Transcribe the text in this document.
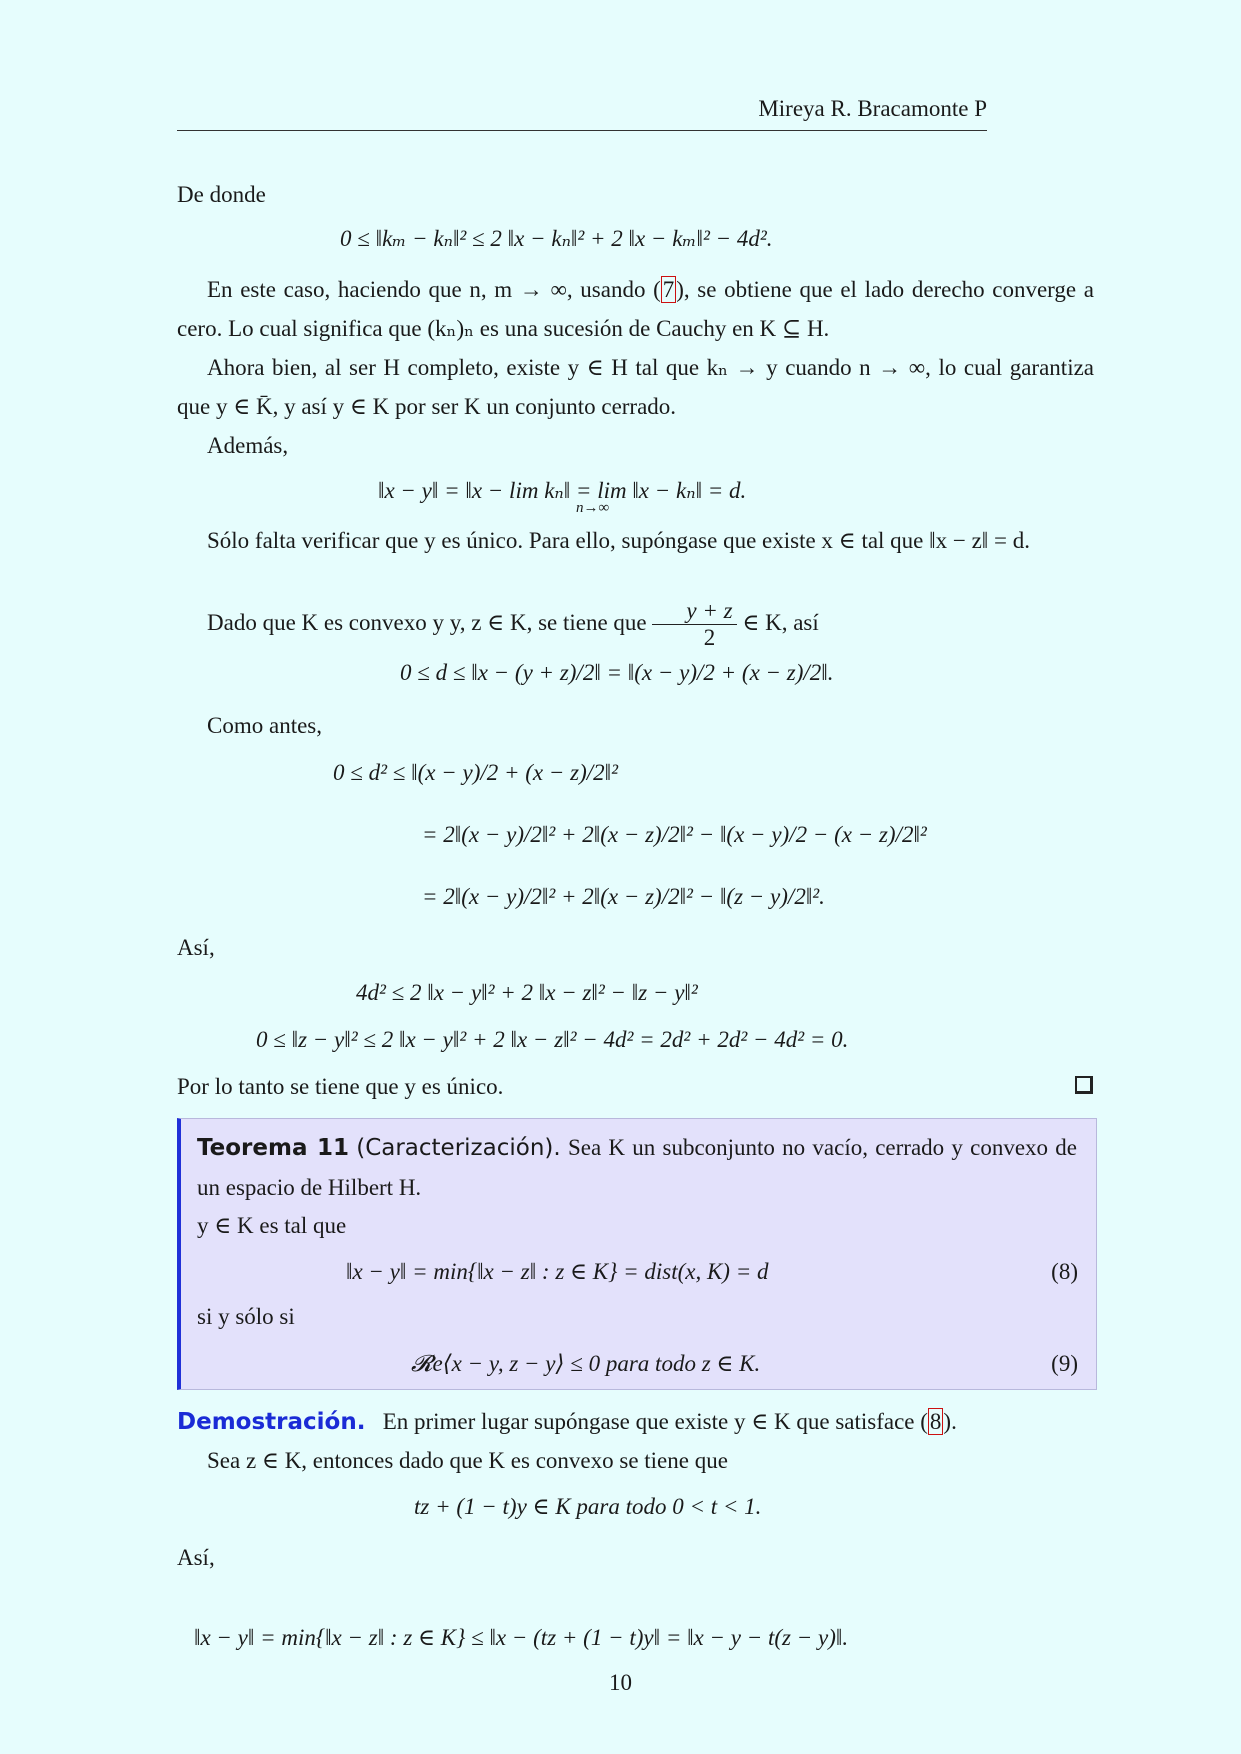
Mireya R. Bracamonte P

De donde

0 ≤ ‖kₘ − kₙ‖² ≤ 2 ‖x − kₙ‖² + 2 ‖x − kₘ‖² − 4d².

En este caso, haciendo que n, m → ∞, usando (7), se obtiene que el lado derecho converge a cero. Lo cual significa que (kₙ)ₙ es una sucesión de Cauchy en K ⊆ H.

Ahora bien, al ser H completo, existe y ∈ H tal que kₙ → y cuando n → ∞, lo cual garantiza que y ∈ K̄, y así y ∈ K por ser K un conjunto cerrado.

Además,

‖x − y‖ = ‖x − lim kₙ‖ = lim ‖x − kₙ‖ = d.
n→∞

Sólo falta verificar que y es único. Para ello, supóngase que existe x ∈ tal que ‖x − z‖ = d.

Dado que K es convexo y y, z ∈ K, se tiene que $\frac{y + z}{2}$ ∈ K, así

0 ≤ d ≤ ‖x − (y + z)/2‖ = ‖(x − y)/2 + (x − z)/2‖.

Como antes,

0 ≤ d² ≤ ‖(x − y)/2 + (x − z)/2‖²
= 2‖(x − y)/2‖² + 2‖(x − z)/2‖² − ‖(x − y)/2 − (x − z)/2‖²
= 2‖(x − y)/2‖² + 2‖(x − z)/2‖² − ‖(z − y)/2‖².

Así,

4d² ≤ 2 ‖x − y‖² + 2 ‖x − z‖² − ‖z − y‖²
0 ≤ ‖z − y‖² ≤ 2 ‖x − y‖² + 2 ‖x − z‖² − 4d² = 2d² + 2d² − 4d² = 0.

Por lo tanto se tiene que y es único.

Teorema 11 (Caracterización). Sea K un subconjunto no vacío, cerrado y convexo de un espacio de Hilbert H.
y ∈ K es tal que
‖x − y‖ = min{‖x − z‖ : z ∈ K} = dist(x, K) = d	(8)
si y sólo si
𝓡e⟨x − y, z − y⟩ ≤ 0 para todo z ∈ K.	(9)

Demostración. En primer lugar supóngase que existe y ∈ K que satisface (8).

Sea z ∈ K, entonces dado que K es convexo se tiene que

tz + (1 − t)y ∈ K para todo 0 < t < 1.

Así,

‖x − y‖ = min{‖x − z‖ : z ∈ K} ≤ ‖x − (tz + (1 − t)y‖ = ‖x − y − t(z − y)‖.
10
